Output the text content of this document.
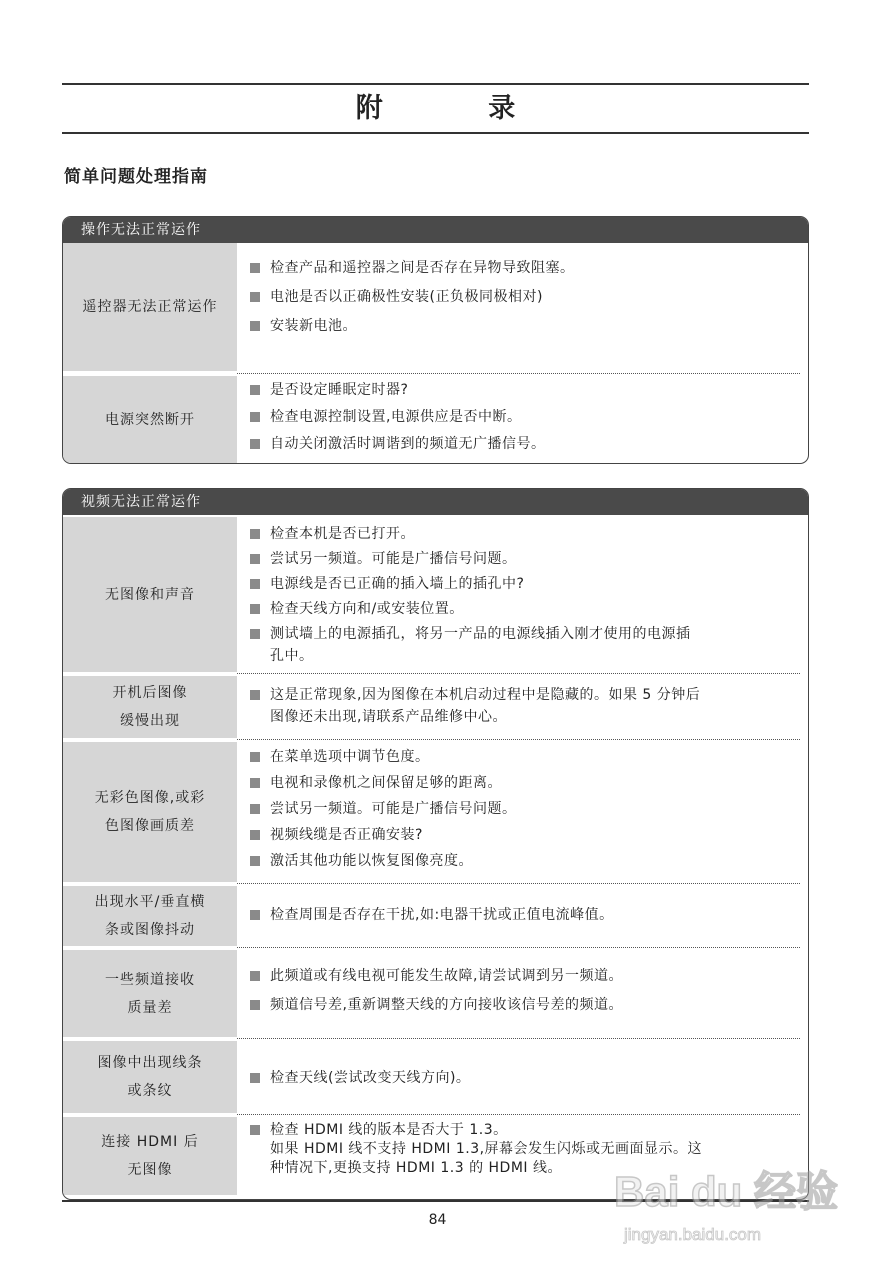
附 录
简单问题处理指南
操作无法正常运作
遥控器无法正常运作
检查产品和遥控器之间是否存在异物导致阻塞。
电池是否以正确极性安装(正负极同极相对)
安装新电池。
电源突然断开
是否设定睡眠定时器?
检查电源控制设置,电源供应是否中断。
自动关闭激活时调谐到的频道无广播信号。
视频无法正常运作
无图像和声音
检查本机是否已打开。
尝试另一频道。可能是广播信号问题。
电源线是否已正确的插入墙上的插孔中?
检查天线方向和/或安装位置。
测试墙上的电源插孔，将另一产品的电源线插入刚才使用的电源插
孔中。
开机后图像
缓慢出现
这是正常现象,因为图像在本机启动过程中是隐藏的。如果 5 分钟后
图像还未出现,请联系产品维修中心。
无彩色图像,或彩
色图像画质差
在菜单选项中调节色度。
电视和录像机之间保留足够的距离。
尝试另一频道。可能是广播信号问题。
视频线缆是否正确安装?
激活其他功能以恢复图像亮度。
出现水平/垂直横
条或图像抖动
检查周围是否存在干扰,如:电器干扰或正值电流峰值。
一些频道接收
质量差
此频道或有线电视可能发生故障,请尝试调到另一频道。
频道信号差,重新调整天线的方向接收该信号差的频道。
图像中出现线条
或条纹
检查天线(尝试改变天线方向)。
连接 HDMI 后
无图像
检查 HDMI 线的版本是否大于 1.3。
如果 HDMI 线不支持 HDMI 1.3,屏幕会发生闪烁或无画面显示。这
种情况下,更换支持 HDMI 1.3 的 HDMI 线。
84
Bai du 经验
jingyan.baidu.com
